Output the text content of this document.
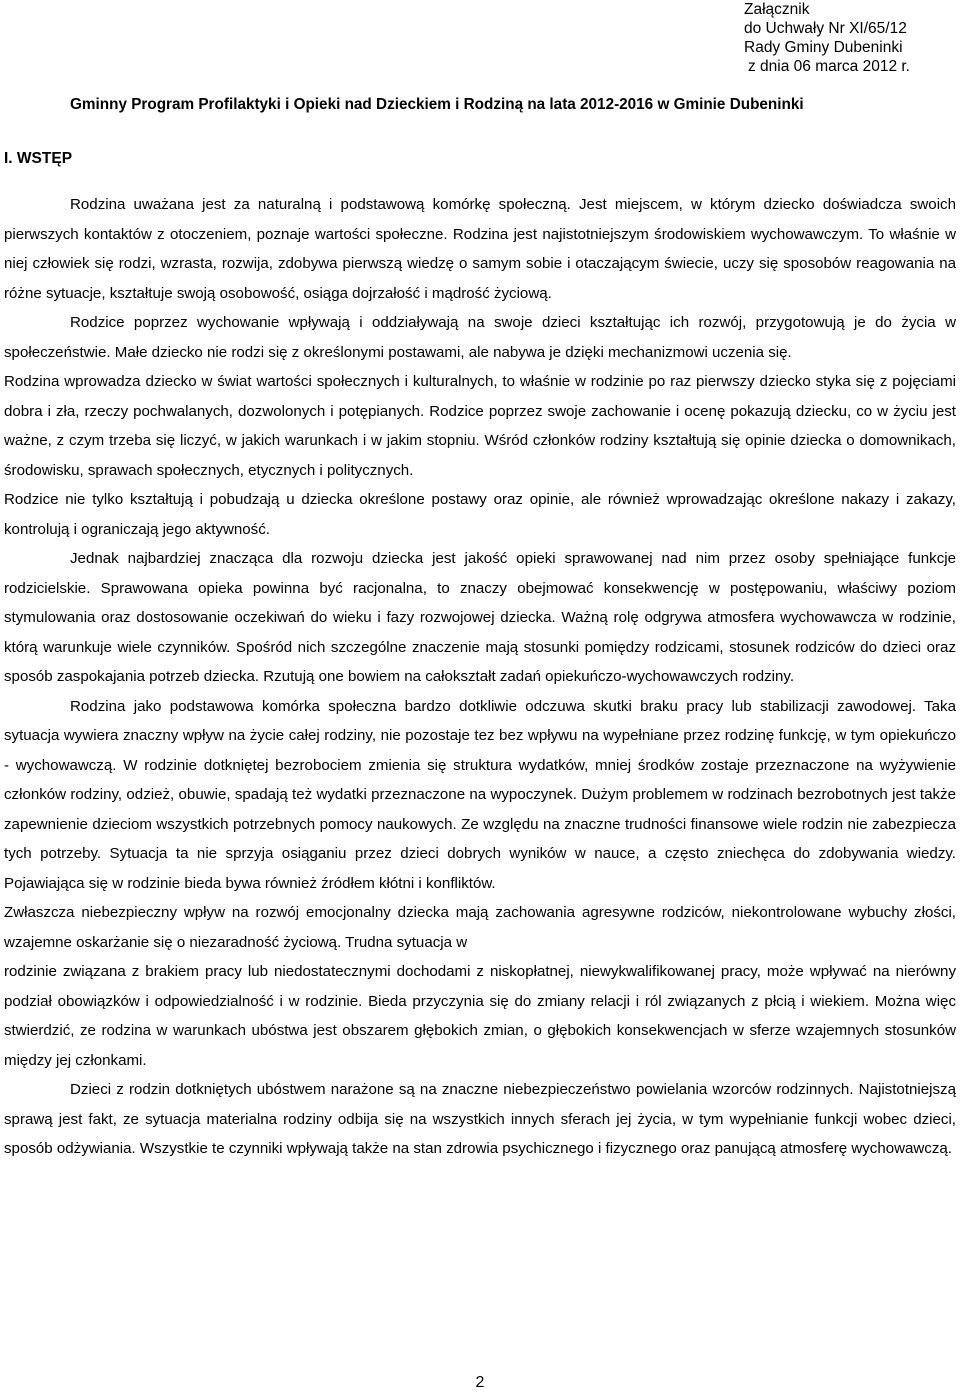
Załącznik
do Uchwały Nr XI/65/12
Rady Gminy Dubeninki
z dnia 06 marca 2012 r.
Gminny Program Profilaktyki i Opieki nad Dzieckiem i Rodziną na lata 2012-2016 w Gminie Dubeninki
I. WSTĘP

Rodzina uważana jest za naturalną i podstawową komórkę społeczną. Jest miejscem, w którym dziecko doświadcza swoich pierwszych kontaktów z otoczeniem, poznaje wartości społeczne. Rodzina jest najistotniejszym środowiskiem wychowawczym. To właśnie w niej człowiek się rodzi, wzrasta, rozwija, zdobywa pierwszą wiedzę o samym sobie i otaczającym świecie, uczy się sposobów reagowania na różne sytuacje, kształtuje swoją osobowość, osiąga dojrzałość i mądrość życiową.

Rodzice poprzez wychowanie wpływają i oddziaływają na swoje dzieci kształtując ich rozwój, przygotowują je do życia w społeczeństwie. Małe dziecko nie rodzi się z określonymi postawami, ale nabywa je dzięki mechanizmowi uczenia się.

Rodzina wprowadza dziecko w świat wartości społecznych i kulturalnych, to właśnie w rodzinie po raz pierwszy dziecko styka się z pojęciami dobra i zła, rzeczy pochwalanych, dozwolonych i potępianych. Rodzice poprzez swoje zachowanie i ocenę pokazują dziecku, co w życiu jest ważne, z czym trzeba się liczyć, w jakich warunkach i w jakim stopniu. Wśród członków rodziny kształtują się opinie dziecka o domownikach, środowisku, sprawach społecznych, etycznych i politycznych.

Rodzice nie tylko kształtują i pobudzają u dziecka określone postawy oraz opinie, ale również wprowadzając określone nakazy i zakazy, kontrolują i ograniczają jego aktywność.

Jednak najbardziej znacząca dla rozwoju dziecka jest jakość opieki sprawowanej nad nim przez osoby spełniające funkcje rodzicielskie. Sprawowana opieka powinna być racjonalna, to znaczy obejmować konsekwencję w postępowaniu, właściwy poziom stymulowania oraz dostosowanie oczekiwań do wieku i fazy rozwojowej dziecka. Ważną rolę odgrywa atmosfera wychowawcza w rodzinie, którą warunkuje wiele czynników. Spośród nich szczególne znaczenie mają stosunki pomiędzy rodzicami, stosunek rodziców do dzieci oraz sposób zaspokajania potrzeb dziecka. Rzutują one bowiem na całokształt zadań opiekuńczo-wychowawczych rodziny.

Rodzina jako podstawowa komórka społeczna bardzo dotkliwie odczuwa skutki braku pracy lub stabilizacji zawodowej. Taka sytuacja wywiera znaczny wpływ na życie całej rodziny, nie pozostaje tez bez wpływu na wypełniane przez rodzinę funkcję, w tym opiekuńczo - wychowawczą. W rodzinie dotkniętej bezrobociem zmienia się struktura wydatków, mniej środków zostaje przeznaczone na wyżywienie członków rodziny, odzież, obuwie, spadają też wydatki przeznaczone na wypoczynek. Dużym problemem w rodzinach bezrobotnych jest także zapewnienie dzieciom wszystkich potrzebnych pomocy naukowych. Ze względu na znaczne trudności finansowe wiele rodzin nie zabezpiecza tych potrzeby. Sytuacja ta nie sprzyja osiąganiu przez dzieci dobrych wyników w nauce, a często zniechęca do zdobywania wiedzy. Pojawiająca się w rodzinie bieda bywa również źródłem kłótni i konfliktów.

Zwłaszcza niebezpieczny wpływ na rozwój emocjonalny dziecka mają zachowania agresywne rodziców, niekontrolowane wybuchy złości, wzajemne oskarżanie się o niezaradność życiową. Trudna sytuacja w

rodzinie związana z brakiem pracy lub niedostatecznymi dochodami z niskopłatnej, niewykwalifikowanej pracy, może wpływać na nierówny podział obowiązków i odpowiedzialność i w rodzinie. Bieda przyczynia się do zmiany relacji i ról związanych z płcią i wiekiem. Można więc stwierdzić, ze rodzina w warunkach ubóstwa jest obszarem głębokich zmian, o głębokich konsekwencjach w sferze wzajemnych stosunków między jej członkami.

Dzieci z rodzin dotkniętych ubóstwem narażone są na znaczne niebezpieczeństwo powielania wzorców rodzinnych. Najistotniejszą sprawą jest fakt, ze sytuacja materialna rodziny odbija się na wszystkich innych sferach jej życia, w tym wypełnianie funkcji wobec dzieci, sposób odżywiania. Wszystkie te czynniki wpływają także na stan zdrowia psychicznego i fizycznego oraz panującą atmosferę wychowawczą.

2
